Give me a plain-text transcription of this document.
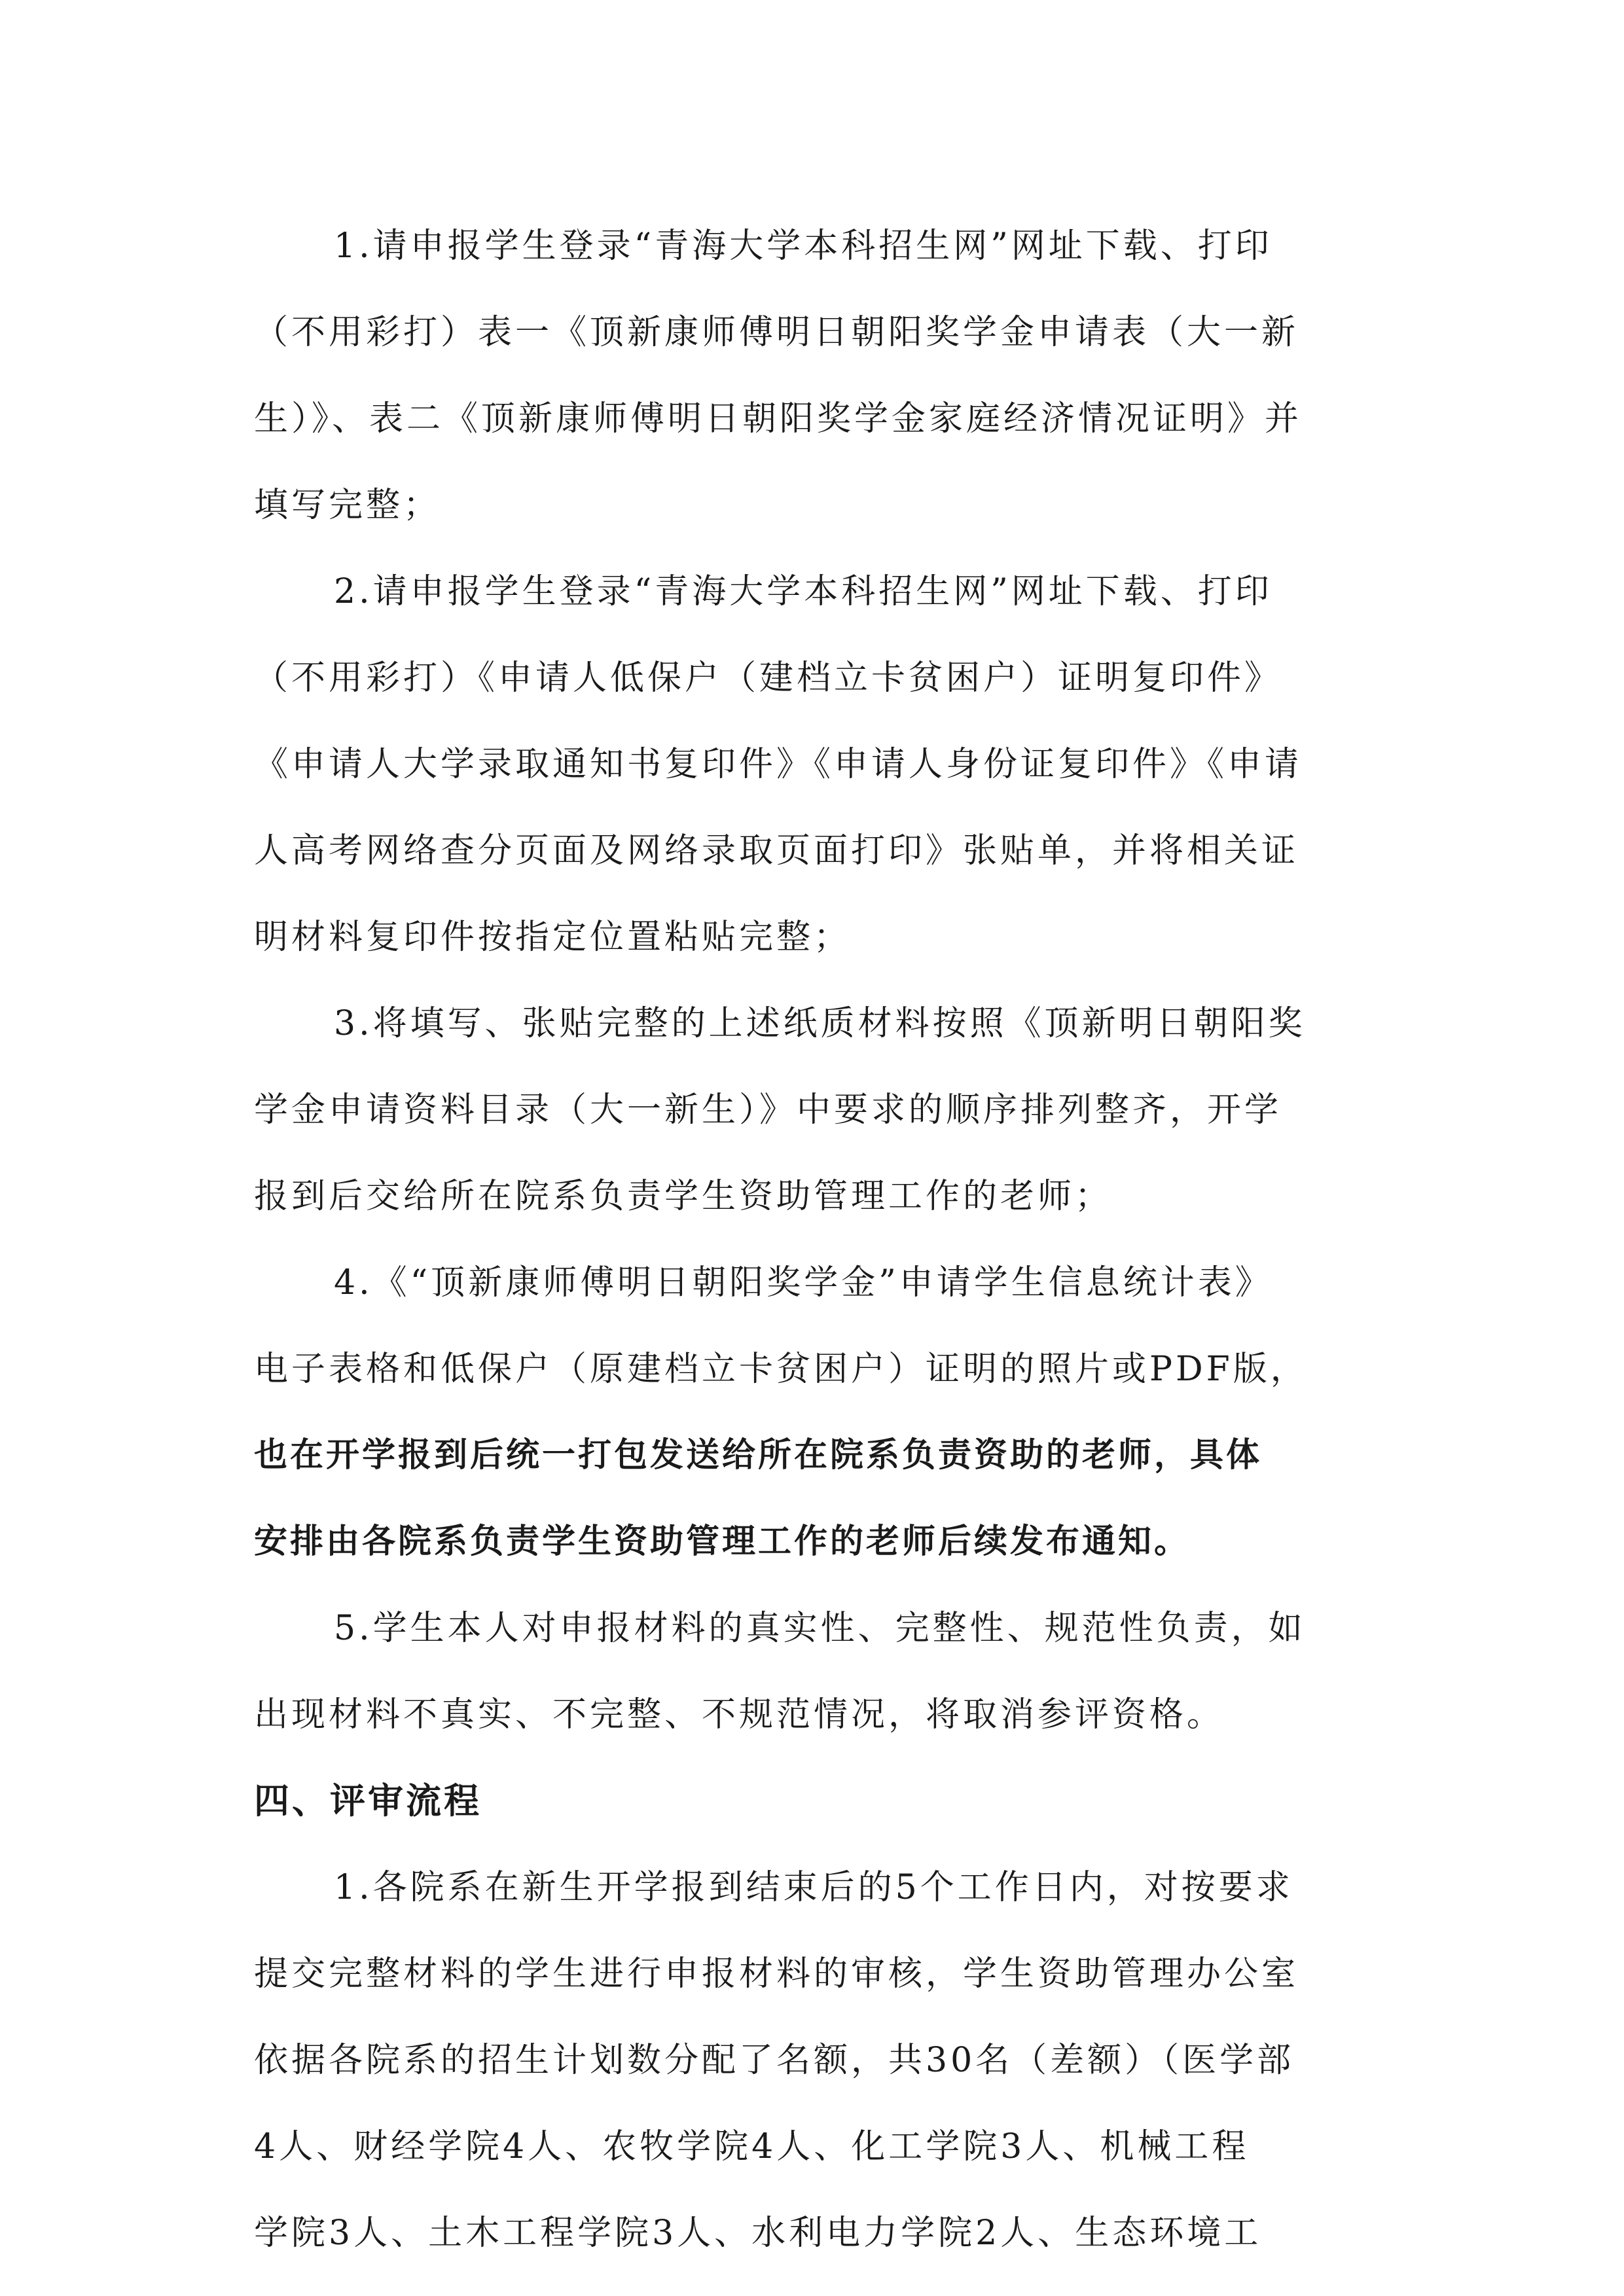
1.请申报学生登录“青海大学本科招生网”网址下载、打印
（不用彩打）表一《顶新康师傅明日朝阳奖学金申请表（大一新
生）》、表二《顶新康师傅明日朝阳奖学金家庭经济情况证明》并
填写完整；
2.请申报学生登录“青海大学本科招生网”网址下载、打印
（不用彩打）《申请人低保户（建档立卡贫困户）证明复印件》
《申请人大学录取通知书复印件》《申请人身份证复印件》《申请
人高考网络查分页面及网络录取页面打印》张贴单，并将相关证
明材料复印件按指定位置粘贴完整；
3.将填写、张贴完整的上述纸质材料按照《顶新明日朝阳奖
学金申请资料目录（大一新生）》中要求的顺序排列整齐，开学
报到后交给所在院系负责学生资助管理工作的老师；
4.《“顶新康师傅明日朝阳奖学金”申请学生信息统计表》
电子表格和低保户（原建档立卡贫困户）证明的照片或PDF版，
也在开学报到后统一打包发送给所在院系负责资助的老师，具体
安排由各院系负责学生资助管理工作的老师后续发布通知。
5.学生本人对申报材料的真实性、完整性、规范性负责，如
出现材料不真实、不完整、不规范情况，将取消参评资格。
四、评审流程
1.各院系在新生开学报到结束后的5个工作日内，对按要求
提交完整材料的学生进行申报材料的审核，学生资助管理办公室
依据各院系的招生计划数分配了名额，共30名（差额）（医学部
4人、财经学院4人、农牧学院4人、化工学院3人、机械工程
学院3人、土木工程学院3人、水利电力学院2人、生态环境工
